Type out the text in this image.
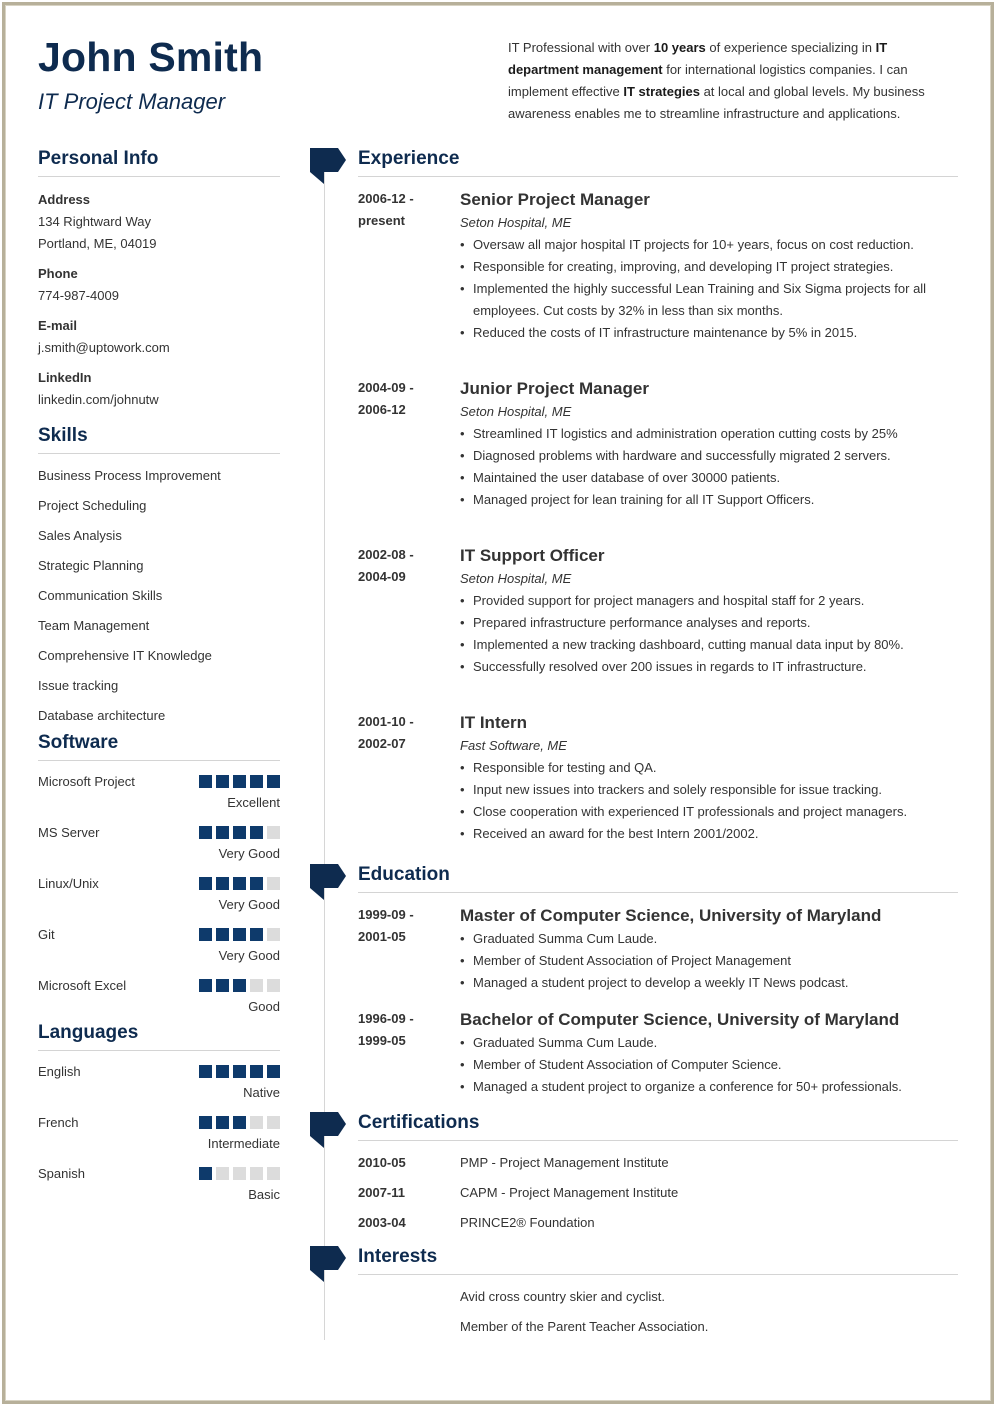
John Smith
IT Project Manager
IT Professional with over 10 years of experience specializing in IT department management for international logistics companies. I can implement effective IT strategies at local and global levels. My business awareness enables me to streamline infrastructure and applications.
Personal Info
Address
134 Rightward Way
Portland, ME, 04019
Phone
774-987-4009
E-mail
j.smith@uptowork.com
LinkedIn
linkedin.com/johnutw
Skills
Business Process Improvement
Project Scheduling
Sales Analysis
Strategic Planning
Communication Skills
Team Management
Comprehensive IT Knowledge
Issue tracking
Database architecture
Software
Microsoft Project
Excellent
MS Server
Very Good
Linux/Unix
Very Good
Git
Very Good
Microsoft Excel
Good
Languages
English
Native
French
Intermediate
Spanish
Basic
Experience
2006-12 -
present
Senior Project Manager
Seton Hospital, ME
• Oversaw all major hospital IT projects for 10+ years, focus on cost reduction.
• Responsible for creating, improving, and developing IT project strategies.
• Implemented the highly successful Lean Training and Six Sigma projects for all employees. Cut costs by 32% in less than six months.
• Reduced the costs of IT infrastructure maintenance by 5% in 2015.
2004-09 -
2006-12
Junior Project Manager
Seton Hospital, ME
• Streamlined IT logistics and administration operation cutting costs by 25%
• Diagnosed problems with hardware and successfully migrated 2 servers.
• Maintained the user database of over 30000 patients.
• Managed project for lean training for all IT Support Officers.
2002-08 -
2004-09
IT Support Officer
Seton Hospital, ME
• Provided support for project managers and hospital staff for 2 years.
• Prepared infrastructure performance analyses and reports.
• Implemented a new tracking dashboard, cutting manual data input by 80%.
• Successfully resolved over 200 issues in regards to IT infrastructure.
2001-10 -
2002-07
IT Intern
Fast Software, ME
• Responsible for testing and QA.
• Input new issues into trackers and solely responsible for issue tracking.
• Close cooperation with experienced IT professionals and project managers.
• Received an award for the best Intern 2001/2002.
Education
1999-09 -
2001-05
Master of Computer Science, University of Maryland
• Graduated Summa Cum Laude.
• Member of Student Association of Project Management
• Managed a student project to develop a weekly IT News podcast.
1996-09 -
1999-05
Bachelor of Computer Science, University of Maryland
• Graduated Summa Cum Laude.
• Member of Student Association of Computer Science.
• Managed a student project to organize a conference for 50+ professionals.
Certifications
2010-05	PMP - Project Management Institute
2007-11	CAPM - Project Management Institute
2003-04	PRINCE2® Foundation
Interests
Avid cross country skier and cyclist.
Member of the Parent Teacher Association.
